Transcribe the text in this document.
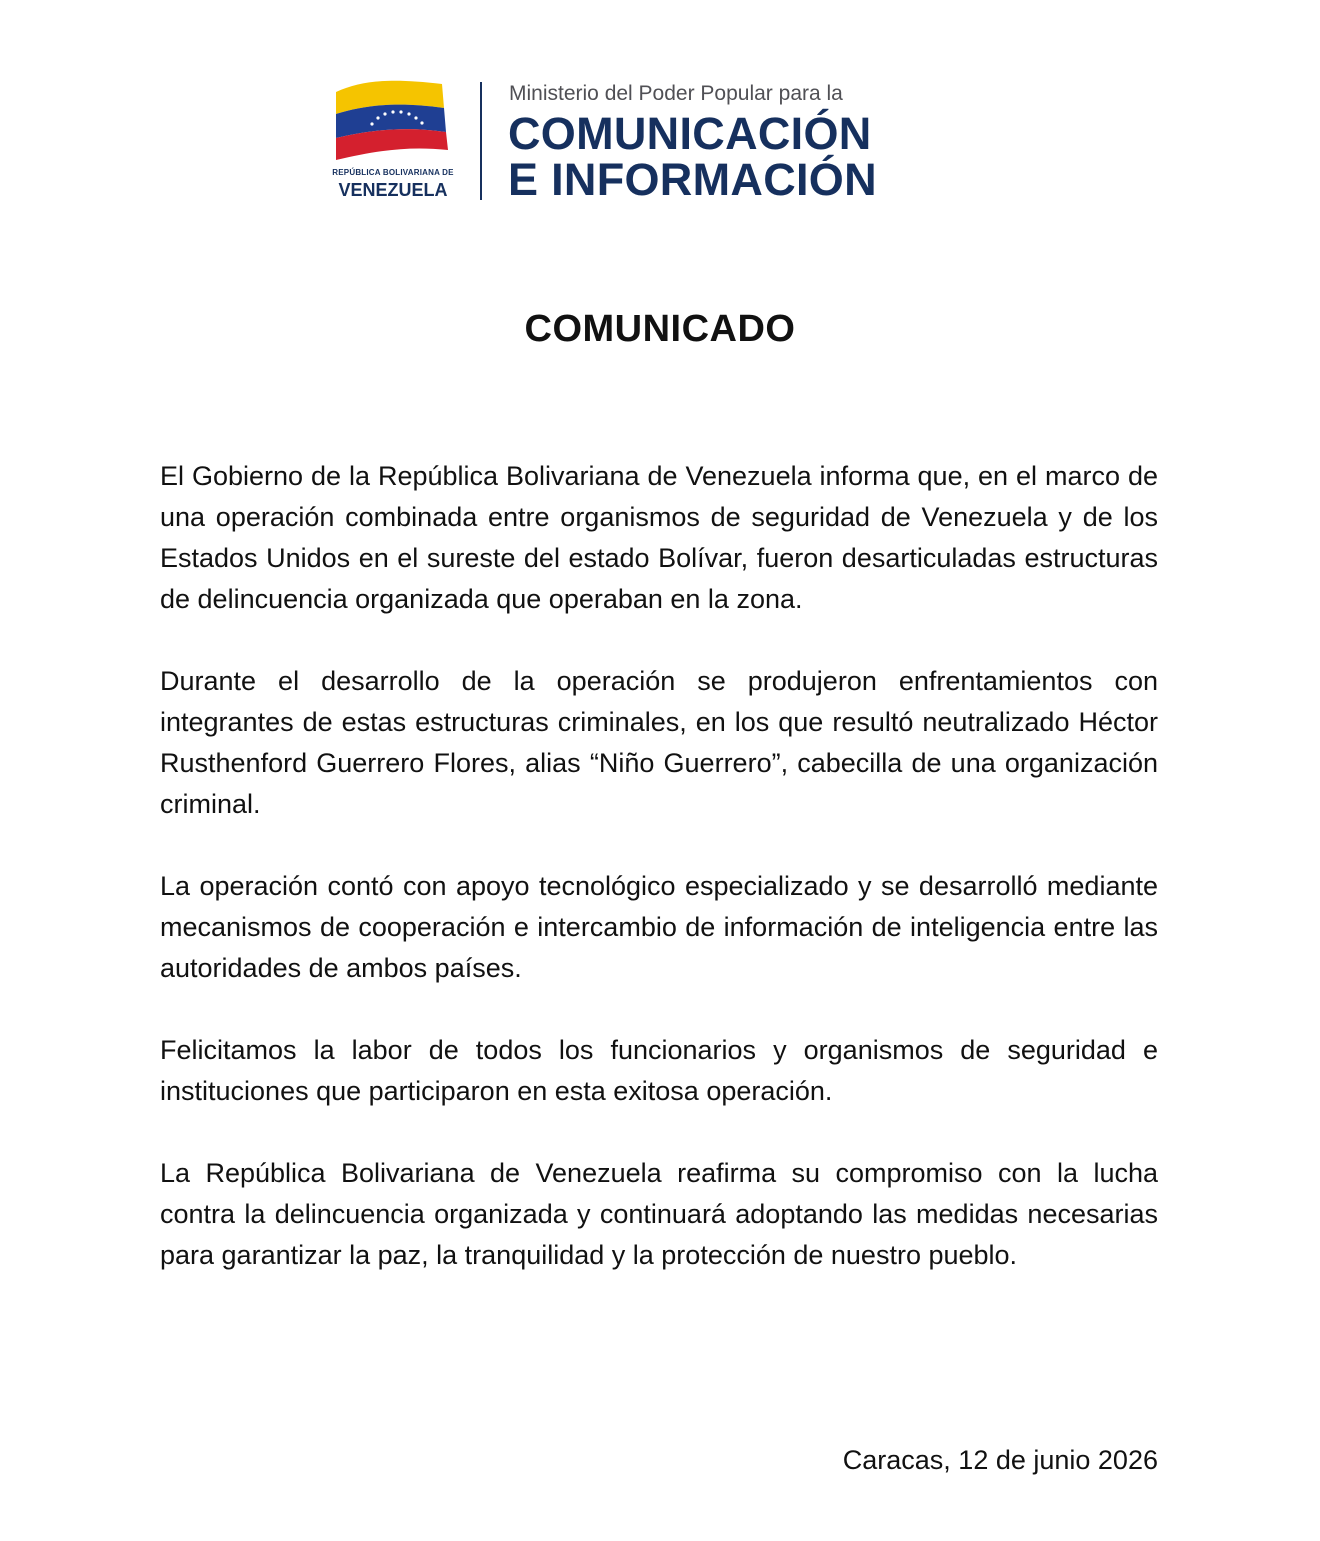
REPÚBLICA BOLIVARIANA DE
VENEZUELA
Ministerio del Poder Popular para la
COMUNICACIÓN
E INFORMACIÓN
COMUNICADO

El Gobierno de la República Bolivariana de Venezuela informa que, en el marco de una operación combinada entre organismos de seguridad de Venezuela y de los Estados Unidos en el sureste del estado Bolívar, fueron desarticuladas estructuras de delincuencia organizada que operaban en la zona.

Durante el desarrollo de la operación se produjeron enfrentamientos con integrantes de estas estructuras criminales, en los que resultó neutralizado Héctor Rusthenford Guerrero Flores, alias “Niño Guerrero”, cabecilla de una organización criminal.

La operación contó con apoyo tecnológico especializado y se desarrolló mediante mecanismos de cooperación e intercambio de información de inteligencia entre las autoridades de ambos países.

Felicitamos la labor de todos los funcionarios y organismos de seguridad e instituciones que participaron en esta exitosa operación.

La República Bolivariana de Venezuela reafirma su compromiso con la lucha contra la delincuencia organizada y continuará adoptando las medidas necesarias para garantizar la paz, la tranquilidad y la protección de nuestro pueblo.

Caracas, 12 de junio 2026
